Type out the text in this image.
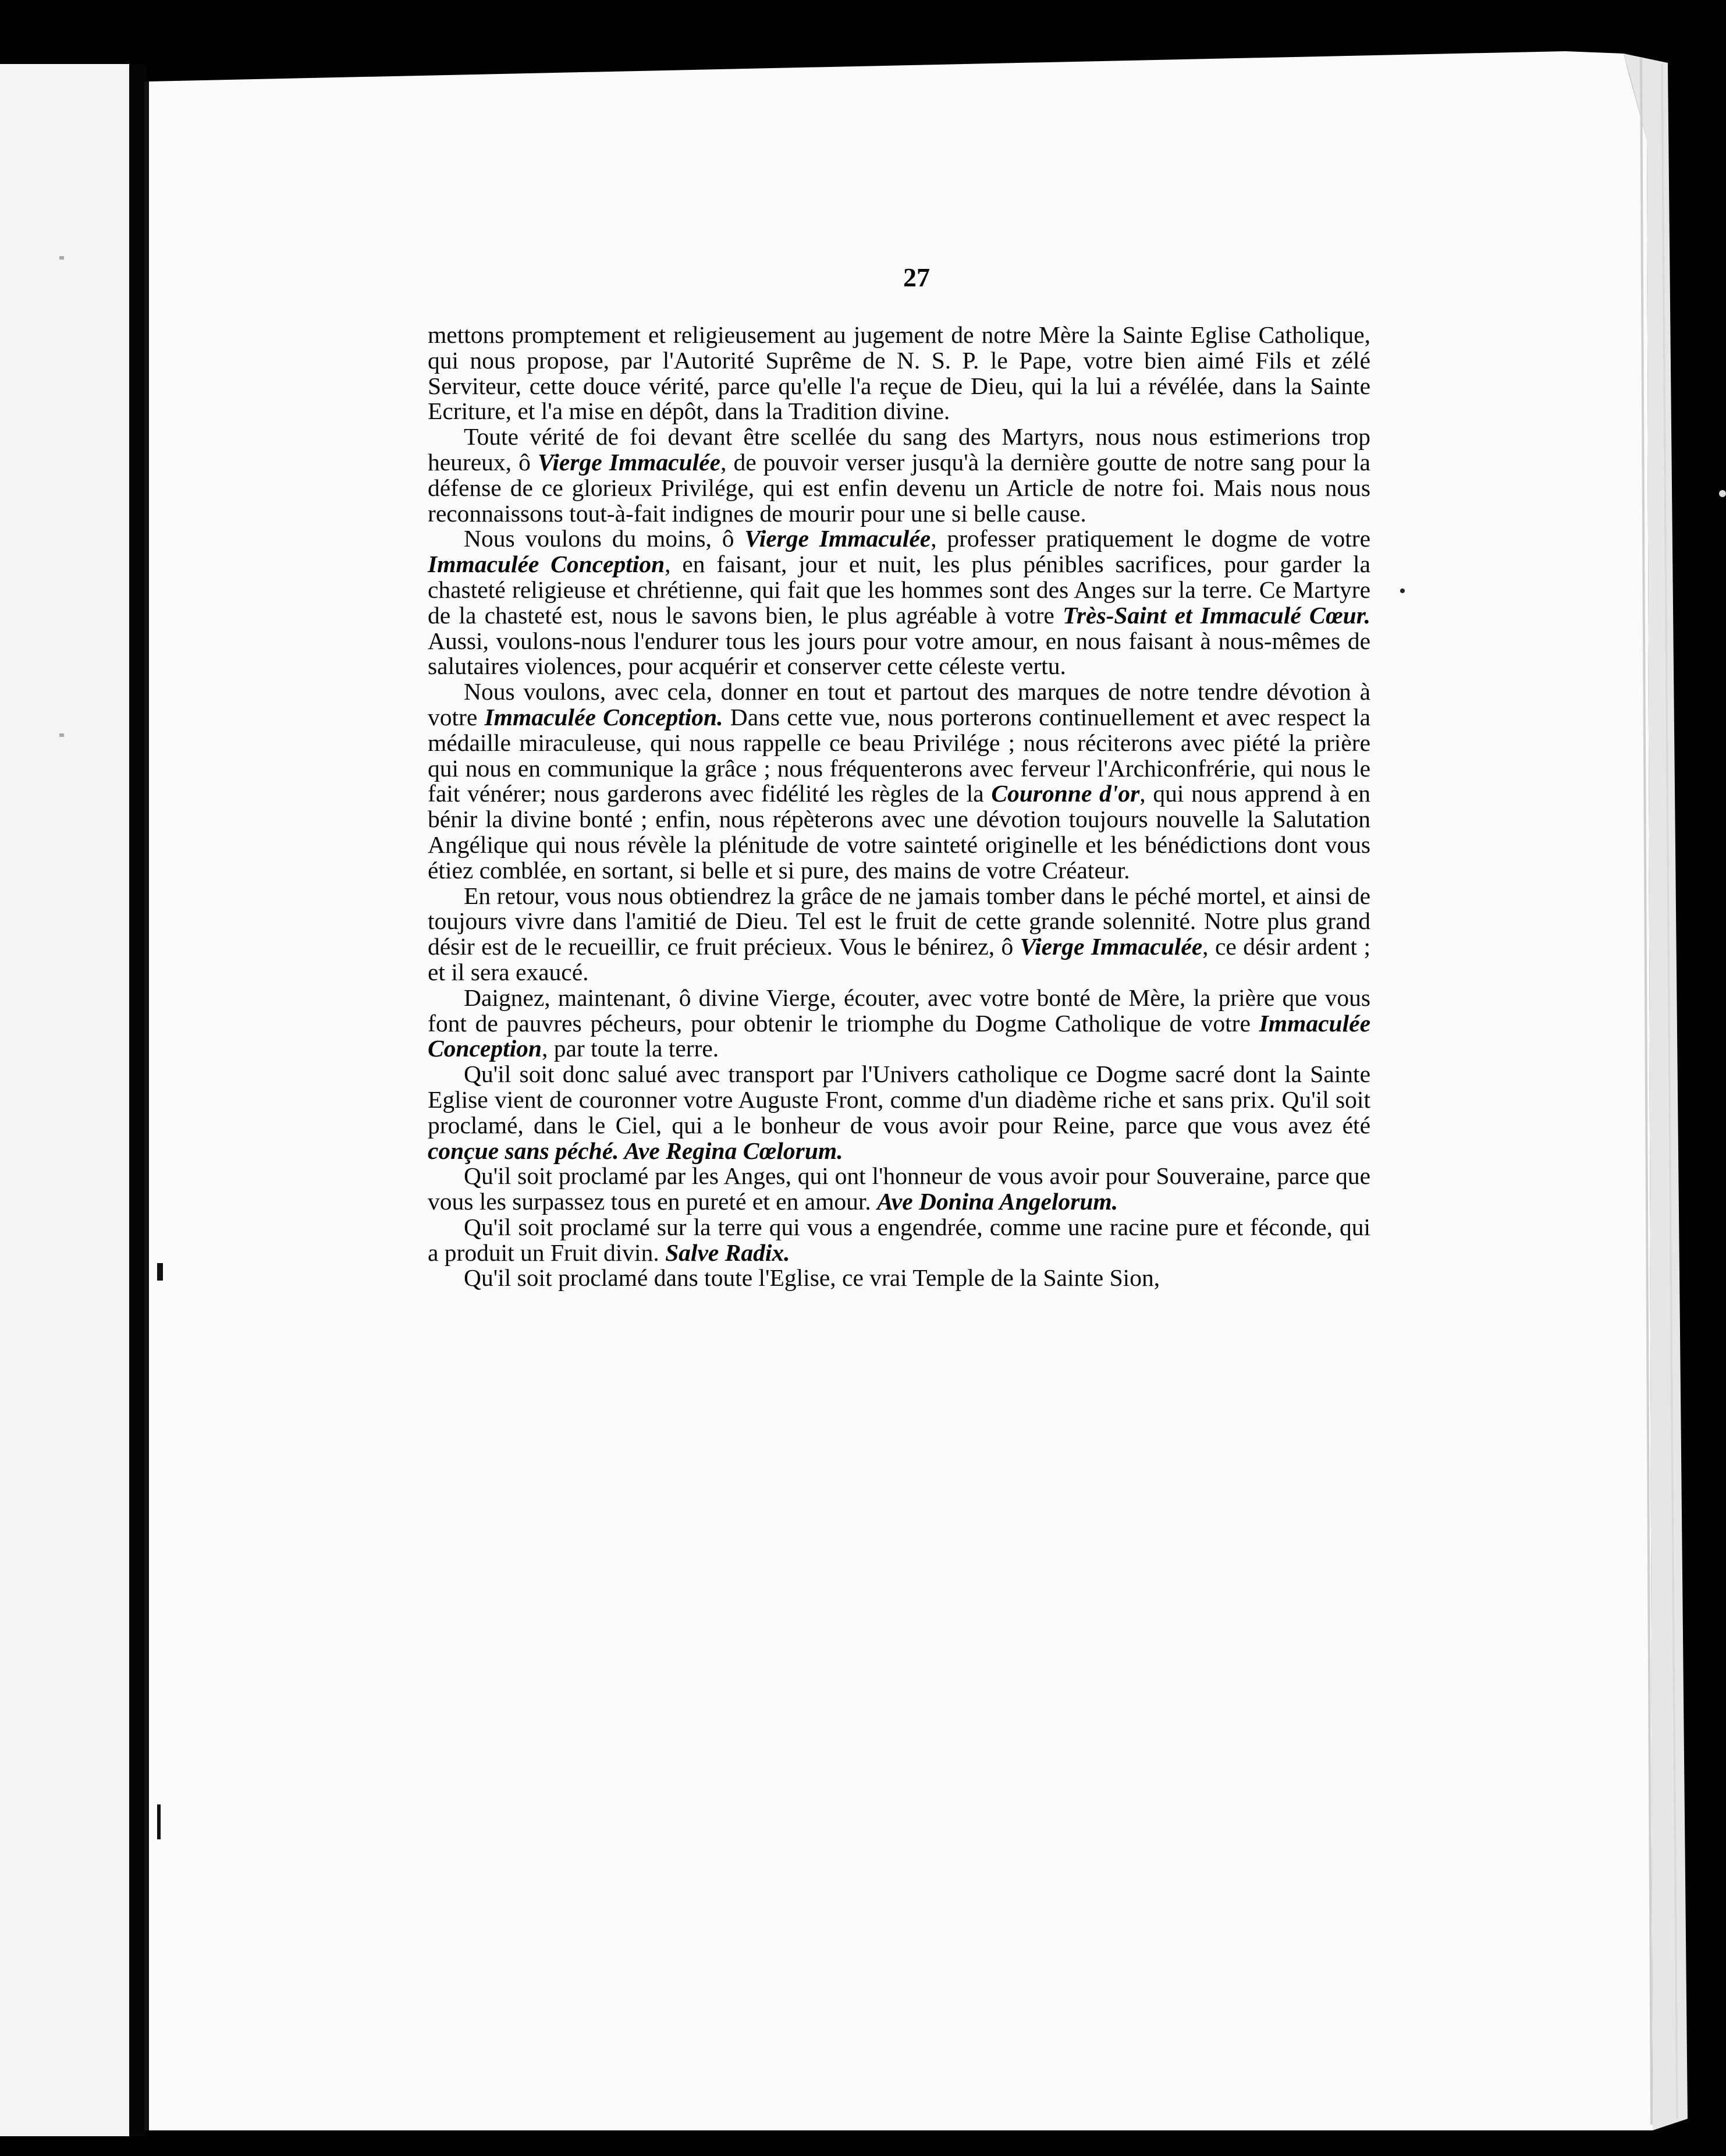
27

mettons promptement et religieusement au jugement de notre Mère la Sainte Eglise Catholique, qui nous propose, par l'Autorité Suprême de N. S. P. le Pape, votre bien aimé Fils et zélé Serviteur, cette douce vérité, parce qu'elle l'a reçue de Dieu, qui la lui a révélée, dans la Sainte Ecriture, et l'a mise en dépôt, dans la Tradition divine.

Toute vérité de foi devant être scellée du sang des Martyrs, nous nous estimerions trop heureux, ô Vierge Immaculée, de pouvoir verser jusqu'à la dernière goutte de notre sang pour la défense de ce glorieux Privilége, qui est enfin devenu un Article de notre foi. Mais nous nous reconnaissons tout-à-fait indignes de mourir pour une si belle cause.

Nous voulons du moins, ô Vierge Immaculée, professer pratiquement le dogme de votre Immaculée Conception, en faisant, jour et nuit, les plus pénibles sacrifices, pour garder la chasteté religieuse et chrétienne, qui fait que les hommes sont des Anges sur la terre. Ce Martyre de la chasteté est, nous le savons bien, le plus agréable à votre Très-Saint et Immaculé Cœur. Aussi, voulons-nous l'endurer tous les jours pour votre amour, en nous faisant à nous-mêmes de salutaires violences, pour acquérir et conserver cette céleste vertu.

Nous voulons, avec cela, donner en tout et partout des marques de notre tendre dévotion à votre Immaculée Conception. Dans cette vue, nous porterons continuellement et avec respect la médaille miraculeuse, qui nous rappelle ce beau Privilége ; nous réciterons avec piété la prière qui nous en communique la grâce ; nous fréquenterons avec ferveur l'Archiconfrérie, qui nous le fait vénérer; nous garderons avec fidélité les règles de la Couronne d'or, qui nous apprend à en bénir la divine bonté ; enfin, nous répèterons avec une dévotion toujours nouvelle la Salutation Angélique qui nous révèle la plénitude de votre sainteté originelle et les bénédictions dont vous étiez comblée, en sortant, si belle et si pure, des mains de votre Créateur.

En retour, vous nous obtiendrez la grâce de ne jamais tomber dans le péché mortel, et ainsi de toujours vivre dans l'amitié de Dieu. Tel est le fruit de cette grande solennité. Notre plus grand désir est de le recueillir, ce fruit précieux. Vous le bénirez, ô Vierge Immaculée, ce désir ardent ; et il sera exaucé.

Daignez, maintenant, ô divine Vierge, écouter, avec votre bonté de Mère, la prière que vous font de pauvres pécheurs, pour obtenir le triomphe du Dogme Catholique de votre Immaculée Conception, par toute la terre.

Qu'il soit donc salué avec transport par l'Univers catholique ce Dogme sacré dont la Sainte Eglise vient de couronner votre Auguste Front, comme d'un diadème riche et sans prix. Qu'il soit proclamé, dans le Ciel, qui a le bonheur de vous avoir pour Reine, parce que vous avez été conçue sans péché. Ave Regina Cœlorum.

Qu'il soit proclamé par les Anges, qui ont l'honneur de vous avoir pour Souveraine, parce que vous les surpassez tous en pureté et en amour. Ave Donina Angelorum.

Qu'il soit proclamé sur la terre qui vous a engendrée, comme une racine pure et féconde, qui a produit un Fruit divin. Salve Radix.

Qu'il soit proclamé dans toute l'Eglise, ce vrai Temple de la Sainte Sion,
